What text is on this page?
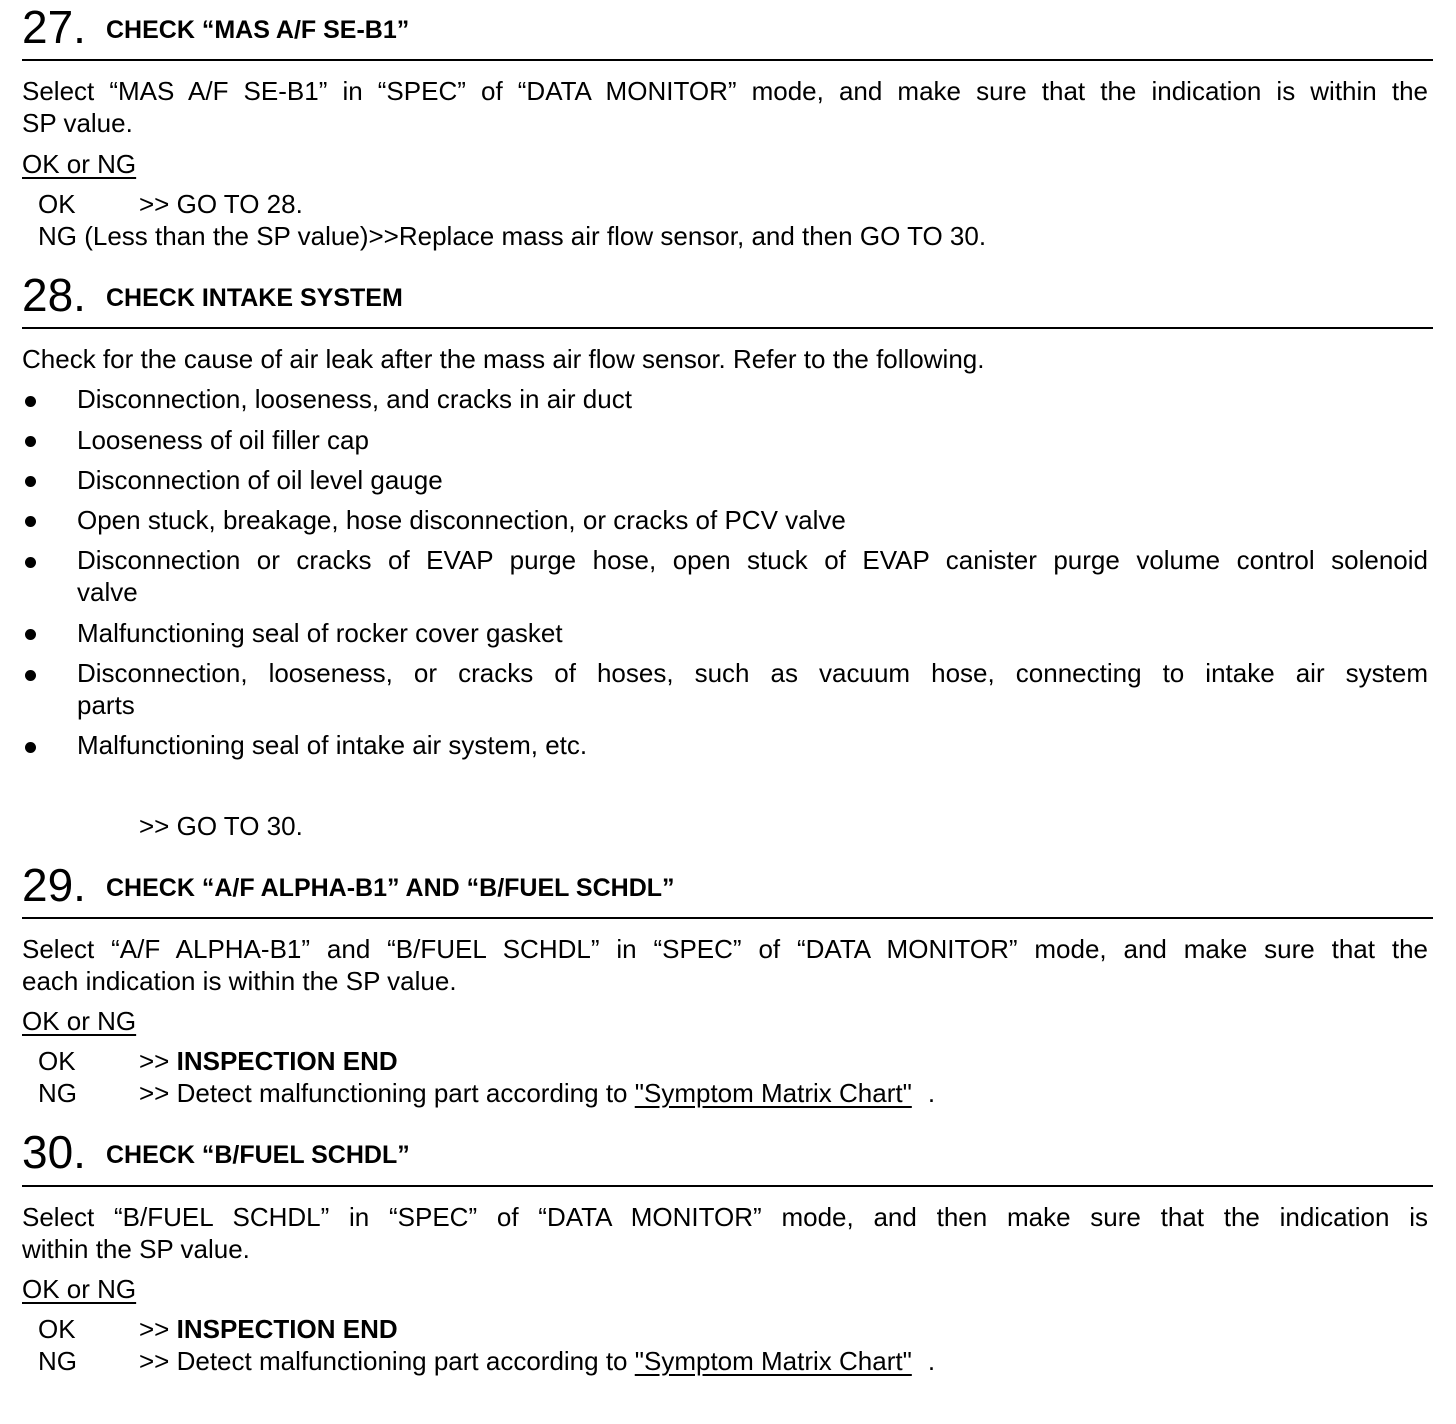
27. CHECK “MAS A/F SE-B1”
Select “MAS A/F SE-B1” in “SPEC” of “DATA MONITOR” mode, and make sure that the indication is within the
SP value.
OK or NG
OK >> GO TO 28.
NG (Less than the SP value)>>Replace mass air flow sensor, and then GO TO 30.
28. CHECK INTAKE SYSTEM
Check for the cause of air leak after the mass air flow sensor. Refer to the following.
Disconnection, looseness, and cracks in air duct
Looseness of oil filler cap
Disconnection of oil level gauge
Open stuck, breakage, hose disconnection, or cracks of PCV valve
Disconnection or cracks of EVAP purge hose, open stuck of EVAP canister purge volume control solenoid
valve
Malfunctioning seal of rocker cover gasket
Disconnection, looseness, or cracks of hoses, such as vacuum hose, connecting to intake air system
parts
Malfunctioning seal of intake air system, etc.
>> GO TO 30.
29. CHECK “A/F ALPHA-B1” AND “B/FUEL SCHDL”
Select “A/F ALPHA-B1” and “B/FUEL SCHDL” in “SPEC” of “DATA MONITOR” mode, and make sure that the
each indication is within the SP value.
OK or NG
OK >> INSPECTION END
NG >> Detect malfunctioning part according to "Symptom Matrix Chart" .
30. CHECK “B/FUEL SCHDL”
Select “B/FUEL SCHDL” in “SPEC” of “DATA MONITOR” mode, and then make sure that the indication is
within the SP value.
OK or NG
OK >> INSPECTION END
NG >> Detect malfunctioning part according to "Symptom Matrix Chart" .
